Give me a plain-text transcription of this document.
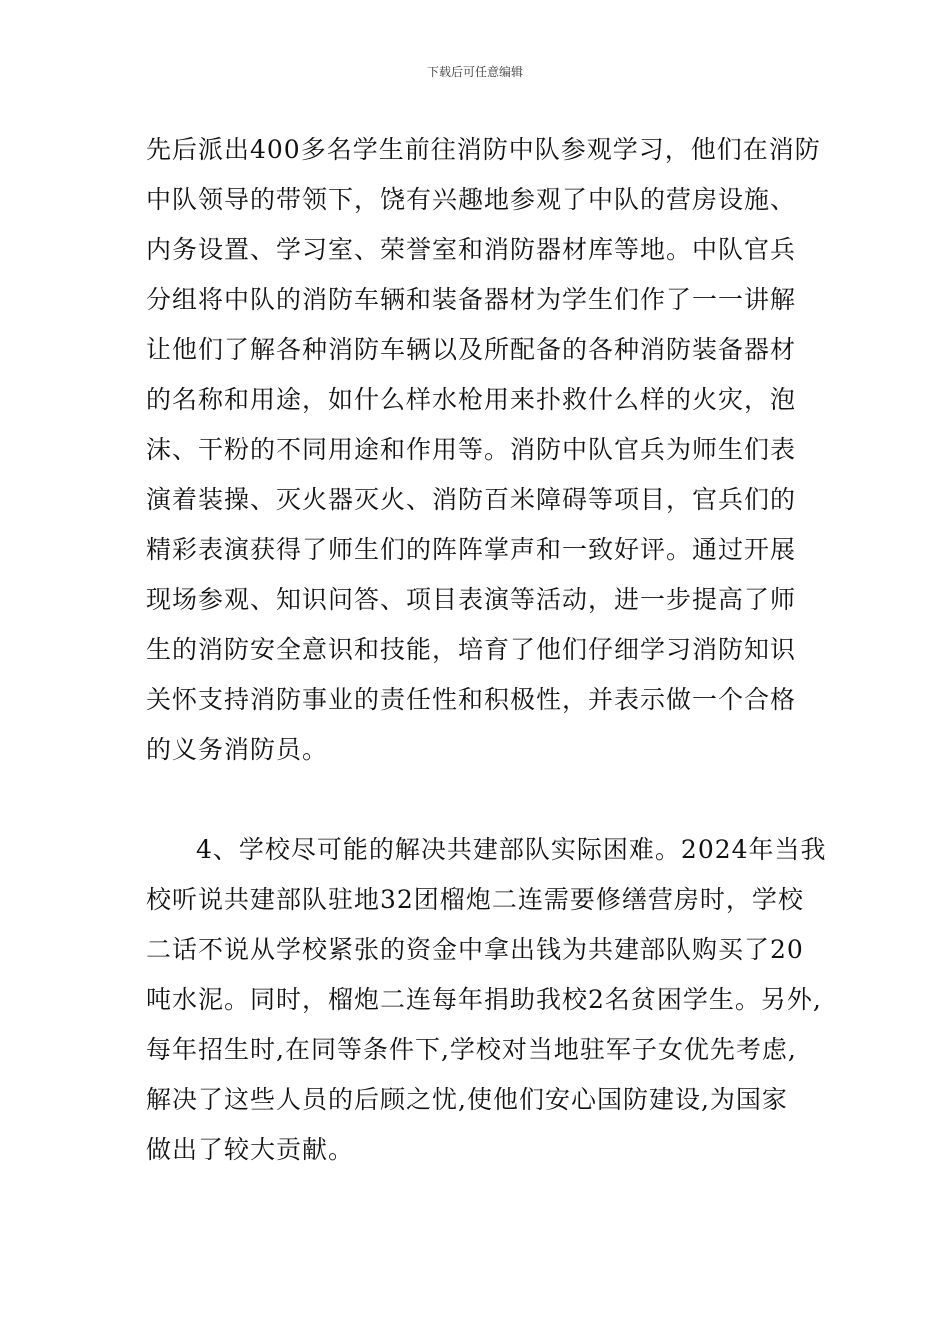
下载后可任意编辑
先后派出400多名学生前往消防中队参观学习，他们在消防
中队领导的带领下，饶有兴趣地参观了中队的营房设施、
内务设置、学习室、荣誉室和消防器材库等地。中队官兵
分组将中队的消防车辆和装备器材为学生们作了一一讲解
让他们了解各种消防车辆以及所配备的各种消防装备器材
的名称和用途，如什么样水枪用来扑救什么样的火灾，泡
沫、干粉的不同用途和作用等。消防中队官兵为师生们表
演着装操、灭火器灭火、消防百米障碍等项目，官兵们的
精彩表演获得了师生们的阵阵掌声和一致好评。通过开展
现场参观、知识问答、项目表演等活动，进一步提高了师
生的消防安全意识和技能，培育了他们仔细学习消防知识
关怀支持消防事业的责任性和积极性，并表示做一个合格
的义务消防员。
4、学校尽可能的解决共建部队实际困难。2024年当我
校听说共建部队驻地32团榴炮二连需要修缮营房时，学校
二话不说从学校紧张的资金中拿出钱为共建部队购买了20
吨水泥。同时，榴炮二连每年捐助我校2名贫困学生。另外,
每年招生时,在同等条件下,学校对当地驻军子女优先考虑,
解决了这些人员的后顾之忧,使他们安心国防建设,为国家
做出了较大贡献。
